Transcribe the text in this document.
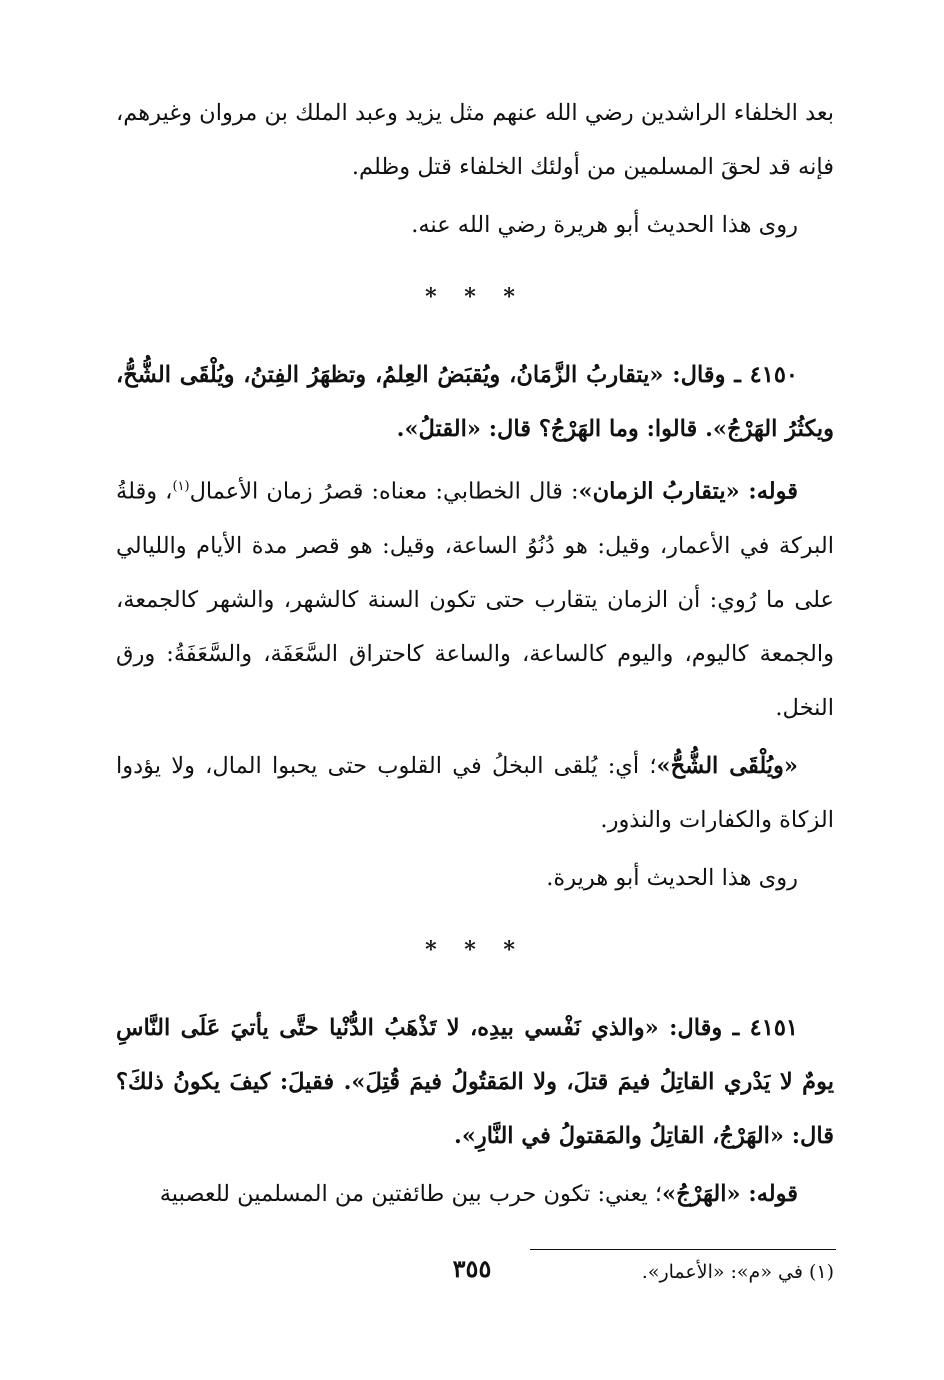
بعد الخلفاء الراشدين رضي الله عنهم مثل يزيد وعبد الملك بن مروان وغيرهم، فإنه قد لحقَ المسلمين من أولئك الخلفاء قتل وظلم.

روى هذا الحديث أبو هريرة رضي الله عنه.

* * *

٤١٥٠ ـ وقال: «يتقاربُ الزَّمَانُ، ويُقبَضُ العِلمُ، وتظهَرُ الفِتنُ، ويُلْقَى الشُّحُّ، ويكثُرُ الهَرْجُ». قالوا: وما الهَرْجُ؟ قال: «القتلُ».

قوله: «يتقاربُ الزمان»: قال الخطابي: معناه: قصرُ زمان الأعمال$^{(١)}$، وقلةُ البركة في الأعمار، وقيل: هو دُنُوُ الساعة، وقيل: هو قصر مدة الأيام والليالي على ما رُوي: أن الزمان يتقارب حتى تكون السنة كالشهر، والشهر كالجمعة، والجمعة كاليوم، واليوم كالساعة، والساعة كاحتراق السَّعَفَة، والسَّعَفَةُ: ورق النخل.

«ويُلْقَى الشُّحُّ»؛ أي: يُلقى البخلُ في القلوب حتى يحبوا المال، ولا يؤدوا الزكاة والكفارات والنذور.

روى هذا الحديث أبو هريرة.

* * *

٤١٥١ ـ وقال: «والذي نَفْسي بيدِه، لا تَذْهَبُ الدُّنْيا حتَّى يأتيَ عَلَى النَّاسِ يومٌ لا يَدْري القاتِلُ فيمَ قتلَ، ولا المَقتُولُ فيمَ قُتِلَ». فقيلَ: كيفَ يكونُ ذلكَ؟ قال: «الهَرْجُ، القاتِلُ والمَقتولُ في النَّارِ».

قوله: «الهَرْجُ»؛ يعني: تكون حرب بين طائفتين من المسلمين للعصبية

(١) في «م»: «الأعمار».

٣٥٥
